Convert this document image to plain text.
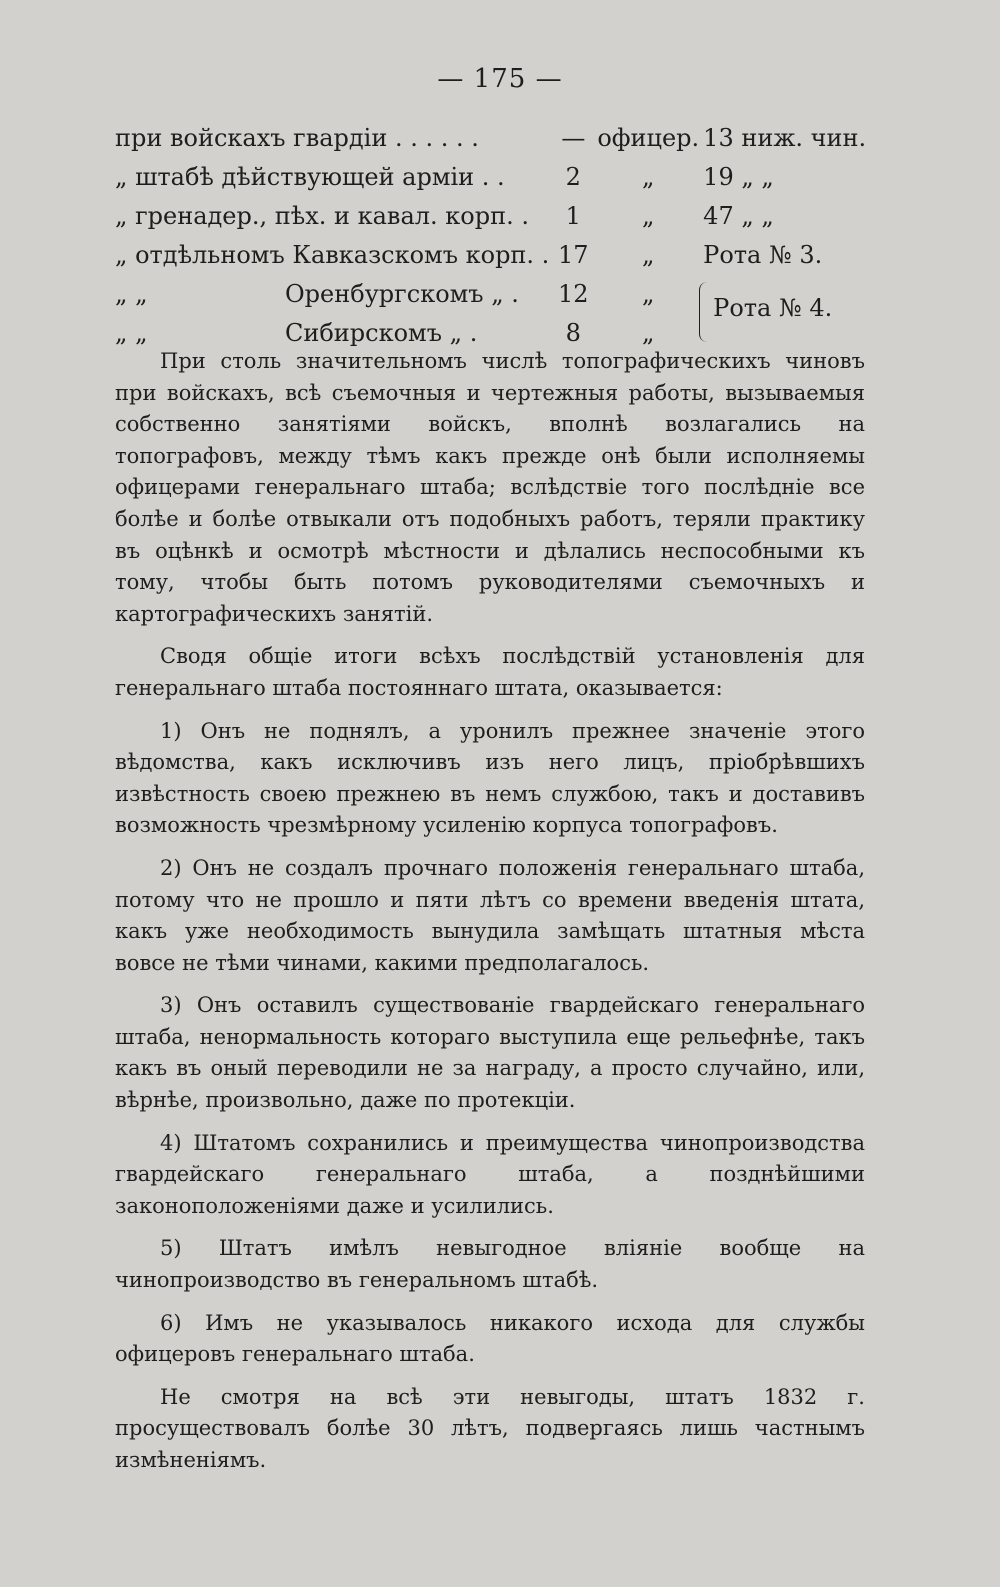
— 175 —
при войскахъ гвардіи . . . . . .	—	офицер.	13 ниж. чин.
„ штабѣ дѣйствующей арміи . .	2	„	19 „ „
„ гренадер., пѣх. и кавал. корп. .	1	„	47 „ „
„ отдѣльномъ Кавказскомъ корп. .	17	„	Рота № 3.
„ „ Оренбургскомъ „ .	12	„	Рота № 4.

„ „ Сибирскомъ „ .	8	„	

При столь значительномъ числѣ топографическихъ чиновъ при войскахъ, всѣ съемочныя и чертежныя работы, вызываемыя собственно занятіями войскъ, вполнѣ возлагались на топографовъ, между тѣмъ какъ прежде онѣ были исполняемы офицерами генеральнаго штаба; вслѣдствіе того послѣдніе все болѣе и болѣе отвыкали отъ подобныхъ работъ, теряли практику въ оцѣнкѣ и осмотрѣ мѣстности и дѣлались неспособными къ тому, чтобы быть потомъ руководителями съемочныхъ и картографическихъ занятій.

Сводя общіе итоги всѣхъ послѣдствій установленія для генеральнаго штаба постояннаго штата, оказывается:

1) Онъ не поднялъ, а уронилъ прежнее значеніе этого вѣдомства, какъ исключивъ изъ него лицъ, пріобрѣвшихъ извѣстность своею прежнею въ немъ службою, такъ и доставивъ возможность чрезмѣрному усиленію корпуса топографовъ.

2) Онъ не создалъ прочнаго положенія генеральнаго штаба, потому что не прошло и пяти лѣтъ со времени введенія штата, какъ уже необходимость вынудила замѣщать штатныя мѣста вовсе не тѣми чинами, какими предполагалось.

3) Онъ оставилъ существованіе гвардейскаго генеральнаго штаба, ненормальность котораго выступила еще рельефнѣе, такъ какъ въ оный переводили не за награду, а просто случайно, или, вѣрнѣе, произвольно, даже по протекціи.

4) Штатомъ сохранились и преимущества чинопроизводства гвардейскаго генеральнаго штаба, а позднѣйшими законоположеніями даже и усилились.

5) Штатъ имѣлъ невыгодное вліяніе вообще на чинопроизводство въ генеральномъ штабѣ.

6) Имъ не указывалось никакого исхода для службы офицеровъ генеральнаго штаба.

Не смотря на всѣ эти невыгоды, штатъ 1832 г. просуществовалъ болѣе 30 лѣтъ, подвергаясь лишь частнымъ измѣненіямъ.
